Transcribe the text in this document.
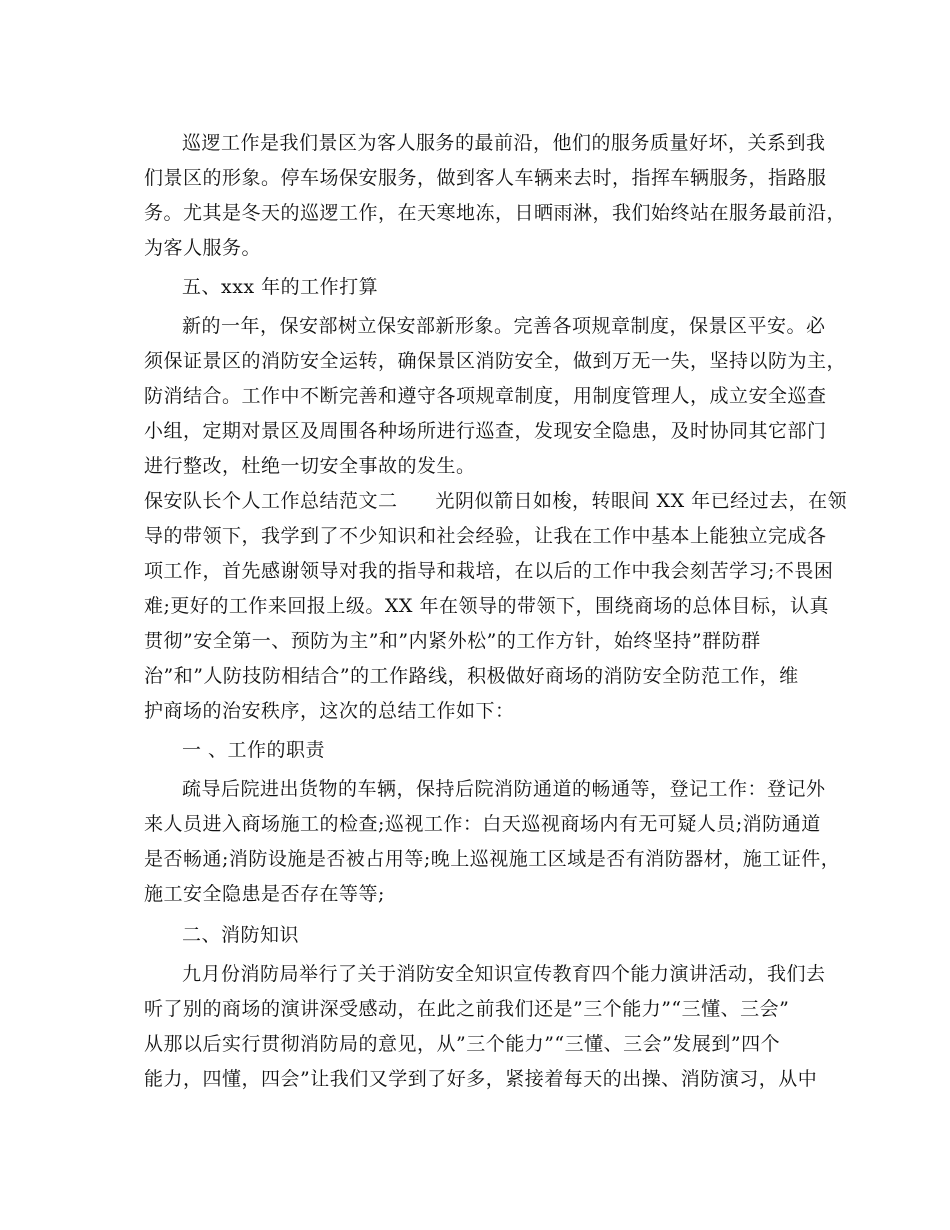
巡逻工作是我们景区为客人服务的最前沿，他们的服务质量好坏，关系到我
们景区的形象。停车场保安服务，做到客人车辆来去时，指挥车辆服务，指路服
务。尤其是冬天的巡逻工作，在天寒地冻，日晒雨淋，我们始终站在服务最前沿，
为客人服务。
五、xxx 年的工作打算
新的一年，保安部树立保安部新形象。完善各项规章制度，保景区平安。必
须保证景区的消防安全运转，确保景区消防安全，做到万无一失，坚持以防为主，
防消结合。工作中不断完善和遵守各项规章制度，用制度管理人，成立安全巡查
小组，定期对景区及周围各种场所进行巡查，发现安全隐患，及时协同其它部门
进行整改，杜绝一切安全事故的发生。
保安队长个人工作总结范文二 光阴似箭日如梭，转眼间 XX 年已经过去，在领
导的带领下，我学到了不少知识和社会经验，让我在工作中基本上能独立完成各
项工作，首先感谢领导对我的指导和栽培，在以后的工作中我会刻苦学习;不畏困
难;更好的工作来回报上级。XX 年在领导的带领下，围绕商场的总体目标，认真
贯彻”安全第一、预防为主”和”内紧外松”的工作方针，始终坚持”群防群
治”和”人防技防相结合”的工作路线，积极做好商场的消防安全防范工作，维
护商场的治安秩序，这次的总结工作如下：
一 、工作的职责
疏导后院进出货物的车辆，保持后院消防通道的畅通等，登记工作：登记外
来人员进入商场施工的检查;巡视工作：白天巡视商场内有无可疑人员;消防通道
是否畅通;消防设施是否被占用等;晚上巡视施工区域是否有消防器材，施工证件，
施工安全隐患是否存在等等;
二、消防知识
九月份消防局举行了关于消防安全知识宣传教育四个能力演讲活动，我们去
听了别的商场的演讲深受感动，在此之前我们还是”三个能力”“三懂、三会”
从那以后实行贯彻消防局的意见，从”三个能力”“三懂、三会”发展到”四个
能力，四懂，四会”让我们又学到了好多，紧接着每天的出操、消防演习，从中
